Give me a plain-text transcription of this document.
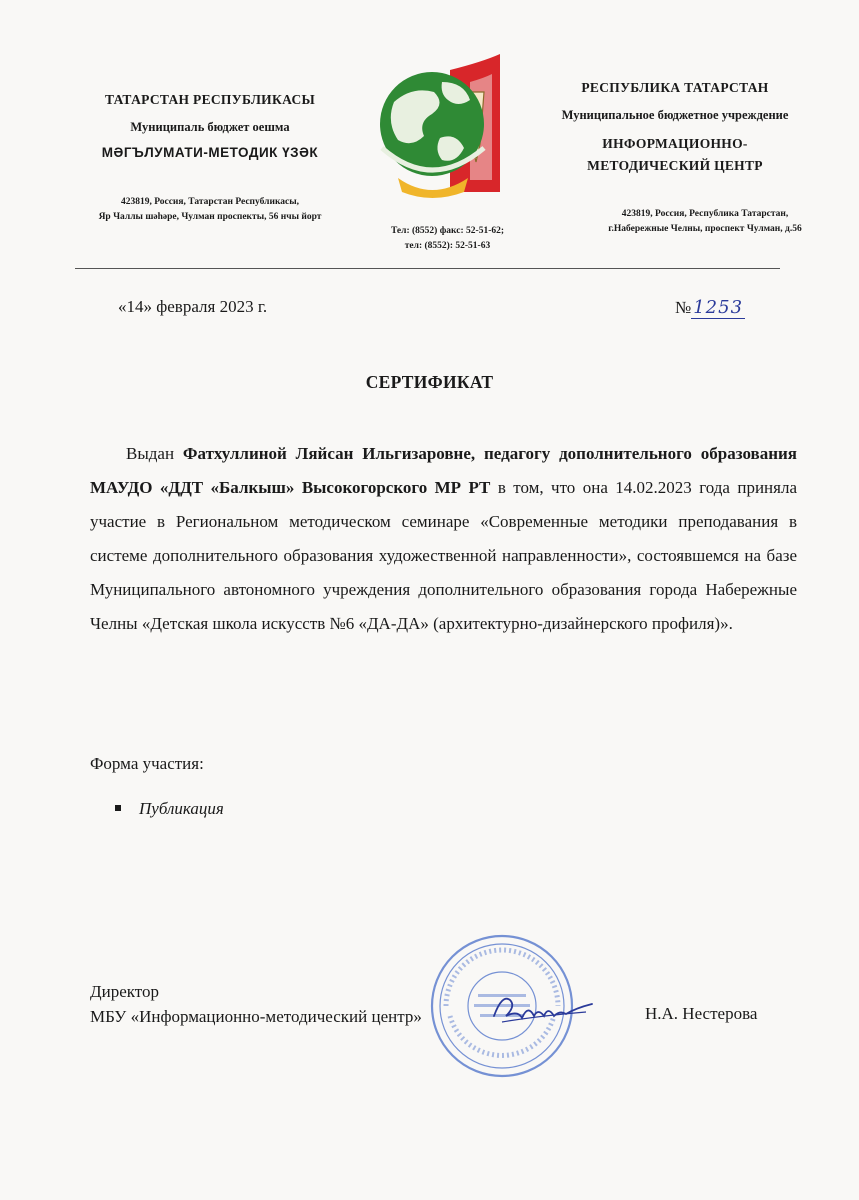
ТАТАРСТАН РЕСПУБЛИКАСЫ
Муниципаль бюджет оешма
МӘГЪЛУМАТИ-МЕТОДИК ҮЗӘК
423819, Россия, Татарстан Республикасы,
Яр Чаллы шәһәре, Чулман проспекты, 56 нчы йорт
Тел: (8552) факс: 52-51-62;
тел: (8552): 52-51-63
РЕСПУБЛИКА ТАТАРСТАН
Муниципальное бюджетное учреждение
ИНФОРМАЦИОННО-
МЕТОДИЧЕСКИЙ ЦЕНТР
423819, Россия, Республика Татарстан,
г.Набережные Челны, проспект Чулман, д.56
«14» февраля 2023 г.	№ 1253
СЕРТИФИКАТ
Выдан Фатхуллиной Ляйсан Ильгизаровне, педагогу дополнительного образования МАУДО «ДДТ «Балкыш» Высокогорского МР РТ в том, что она 14.02.2023 года приняла участие в Региональном методическом семинаре «Современные методики преподавания в системе дополнительного образования художественной направленности», состоявшемся на базе Муниципального автономного учреждения дополнительного образования города Набережные Челны «Детская школа искусств №6 «ДА-ДА» (архитектурно-дизайнерского профиля)».
Форма участия:
Публикация
Директор
МБУ «Информационно-методический центр»	Н.А. Нестерова
